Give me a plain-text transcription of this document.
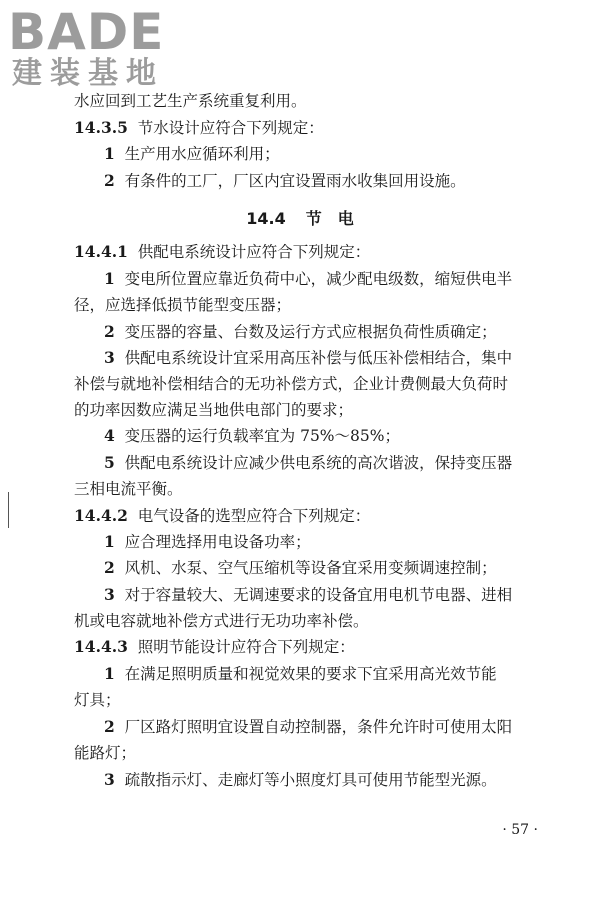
BADE
建装基地
水应回到工艺生产系统重复利用。
14.3.5 节水设计应符合下列规定：
1 生产用水应循环利用；
2 有条件的工厂，厂区内宜设置雨水收集回用设施。
14.4 节　电
14.4.1 供配电系统设计应符合下列规定：
1 变电所位置应靠近负荷中心，减少配电级数，缩短供电半
径，应选择低损节能型变压器；
2 变压器的容量、台数及运行方式应根据负荷性质确定；
3 供配电系统设计宜采用高压补偿与低压补偿相结合，集中
补偿与就地补偿相结合的无功补偿方式，企业计费侧最大负荷时
的功率因数应满足当地供电部门的要求；
4 变压器的运行负载率宜为 75%～85%；
5 供配电系统设计应减少供电系统的高次谐波，保持变压器
三相电流平衡。
14.4.2 电气设备的选型应符合下列规定：
1 应合理选择用电设备功率；
2 风机、水泵、空气压缩机等设备宜采用变频调速控制；
3 对于容量较大、无调速要求的设备宜用电机节电器、进相
机或电容就地补偿方式进行无功功率补偿。
14.4.3 照明节能设计应符合下列规定：
1 在满足照明质量和视觉效果的要求下宜采用高光效节能
灯具；
2 厂区路灯照明宜设置自动控制器，条件允许时可使用太阳
能路灯；
3 疏散指示灯、走廊灯等小照度灯具可使用节能型光源。
· 57 ·
